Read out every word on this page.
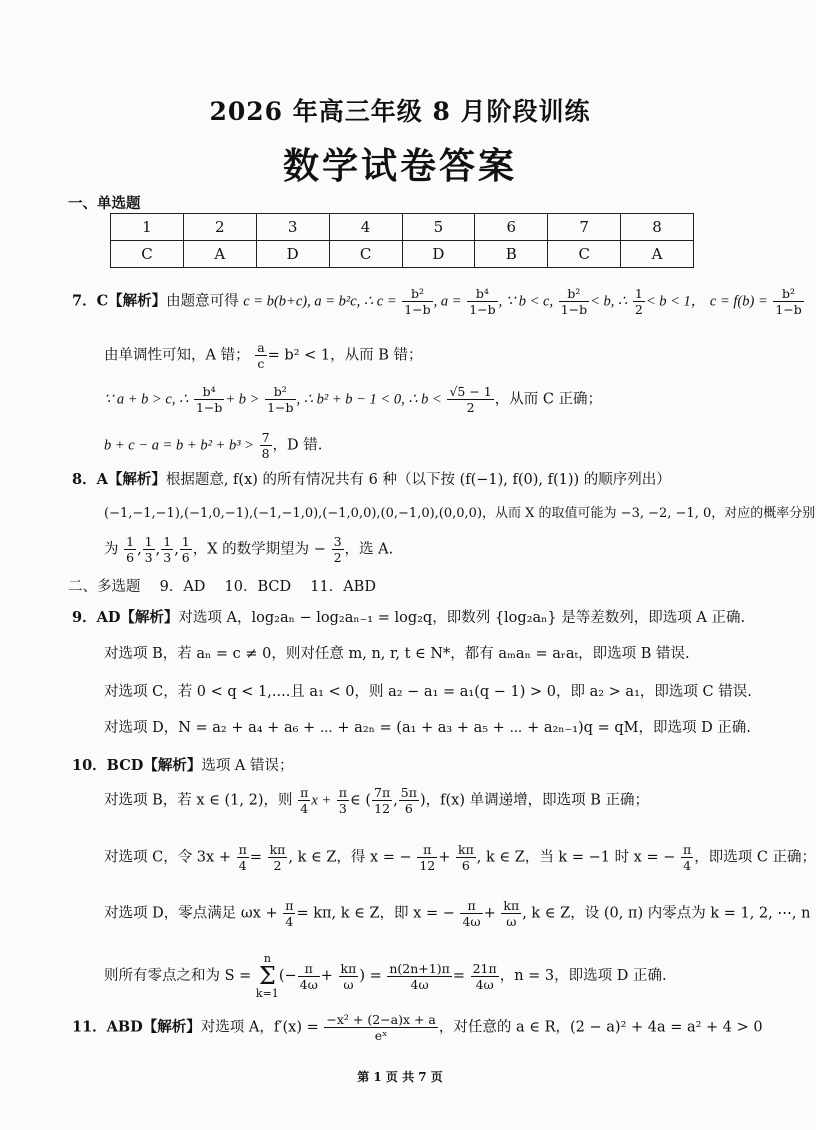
2026 年高三年级 8 月阶段训练
数学试卷答案
一、单选题
1	2	3	4	5	6	7	8
C	A	D	C	D	B	C	A
7．C【解析】由题意可得 c = b(b+c), a = b²c, ∴ $c = \frac{\text{b²}}{1-b}$ , $a = \frac{\text{b⁴}}{1-b}$ , ∵ b < c, $\frac{\text{b²}}{1-b} < b$, ∴ $\frac{1}{2} < b < 1$， $c = f(b) = \frac{\text{b²}}{1-b}$
由单调性可知，A 错； $\frac{a}{c} = b^2 < 1$，从而 B 错；
∵ a + b > c, ∴ $\frac{\text{b⁴}}{1-b} + b > \frac{\text{b²}}{1-b}$ , ∴ b² + b − 1 < 0, ∴ $b < \frac{√5 - 1}{2}$ ，从而 C 正确；
$b + c - a = b + b^2 + b^3 > \frac{7}{8}$ ，D 错.
8．A【解析】根据题意, f(x) 的所有情况共有 6 种（以下按 (f(−1), f(0), f(1)) 的顺序列出）
(−1,−1,−1),(−1,0,−1),(−1,−1,0),(−1,0,0),(0,−1,0),(0,0,0)，从而 X 的取值可能为 −3, −2, −1, 0，对应的概率分别
为 $\frac{1}{6}$ , $\frac{1}{3}$ , $\frac{1}{3}$ , $\frac{1}{6}$ ，X 的数学期望为 − $\frac{3}{2}$ ，选 A.
二、多选题　 9．AD　 10．BCD　 11．ABD
9．AD【解析】对选项 A，log₂aₙ − log₂aₙ₋₁ = log₂q，即数列 {log₂aₙ} 是等差数列，即选项 A 正确.
对选项 B，若 aₙ = c ≠ 0，则对任意 m, n, r, t ∈ N*，都有 aₘaₙ = aᵣaₜ，即选项 B 错误.
对选项 C，若 0 < q < 1,....且 a₁ < 0，则 a₂ − a₁ = a₁(q − 1) > 0，即 a₂ > a₁，即选项 C 错误.
对选项 D，N = a₂ + a₄ + a₆ + ⋯ + a₂ₙ = (a₁ + a₃ + a₅ + ⋯ + a₂ₙ₋₁)q = qM，即选项 D 正确.
10．BCD【解析】选项 A 错误；
对选项 B，若 x ∈ (1, 2)，则 $\frac{\pi}{4}$ $x + \frac{\pi}{3}$ ∈ ( $\frac{7\pi}{12}$ , $\frac{5\pi}{6}$ )，f(x) 单调递增，即选项 B 正确；
对选项 C，令 $3x + \frac{\pi}{4} = \frac{k\pi}{2}$ , k ∈ Z，得 x = − $\frac{\pi}{12} + \frac{k\pi}{6}$ , k ∈ Z，当 k = −1 时 x = − $\frac{\pi}{4}$ ，即选项 C 正确；
对选项 D，零点满足 $\omega x + \frac{\pi}{4} = k\pi$, k ∈ Z，即 x = − $\frac{\pi}{4\omega} + \frac{k\pi}{\omega}$ , k ∈ Z，设 (0, π) 内零点为 k = 1, 2, ⋯, n
则所有零点之和为 S = n
Σ
$k=1(- \frac{\pi}{4\omega} + \frac{k\pi}{\omega}$ ) = $\frac{n(2n+1)\pi}{4\omega} = \frac{21\pi}{4\omega}$ ，n = 3，即选项 D 正确.
11．ABD【解析】对选项 A，$f'(x) = \frac{\text{−x² + (2−a)x + a}}{\text{eˣ}}$ ，对任意的 a ∈ R，(2 − a)² + 4a = a² + 4 > 0
第 1 页 共 7 页
